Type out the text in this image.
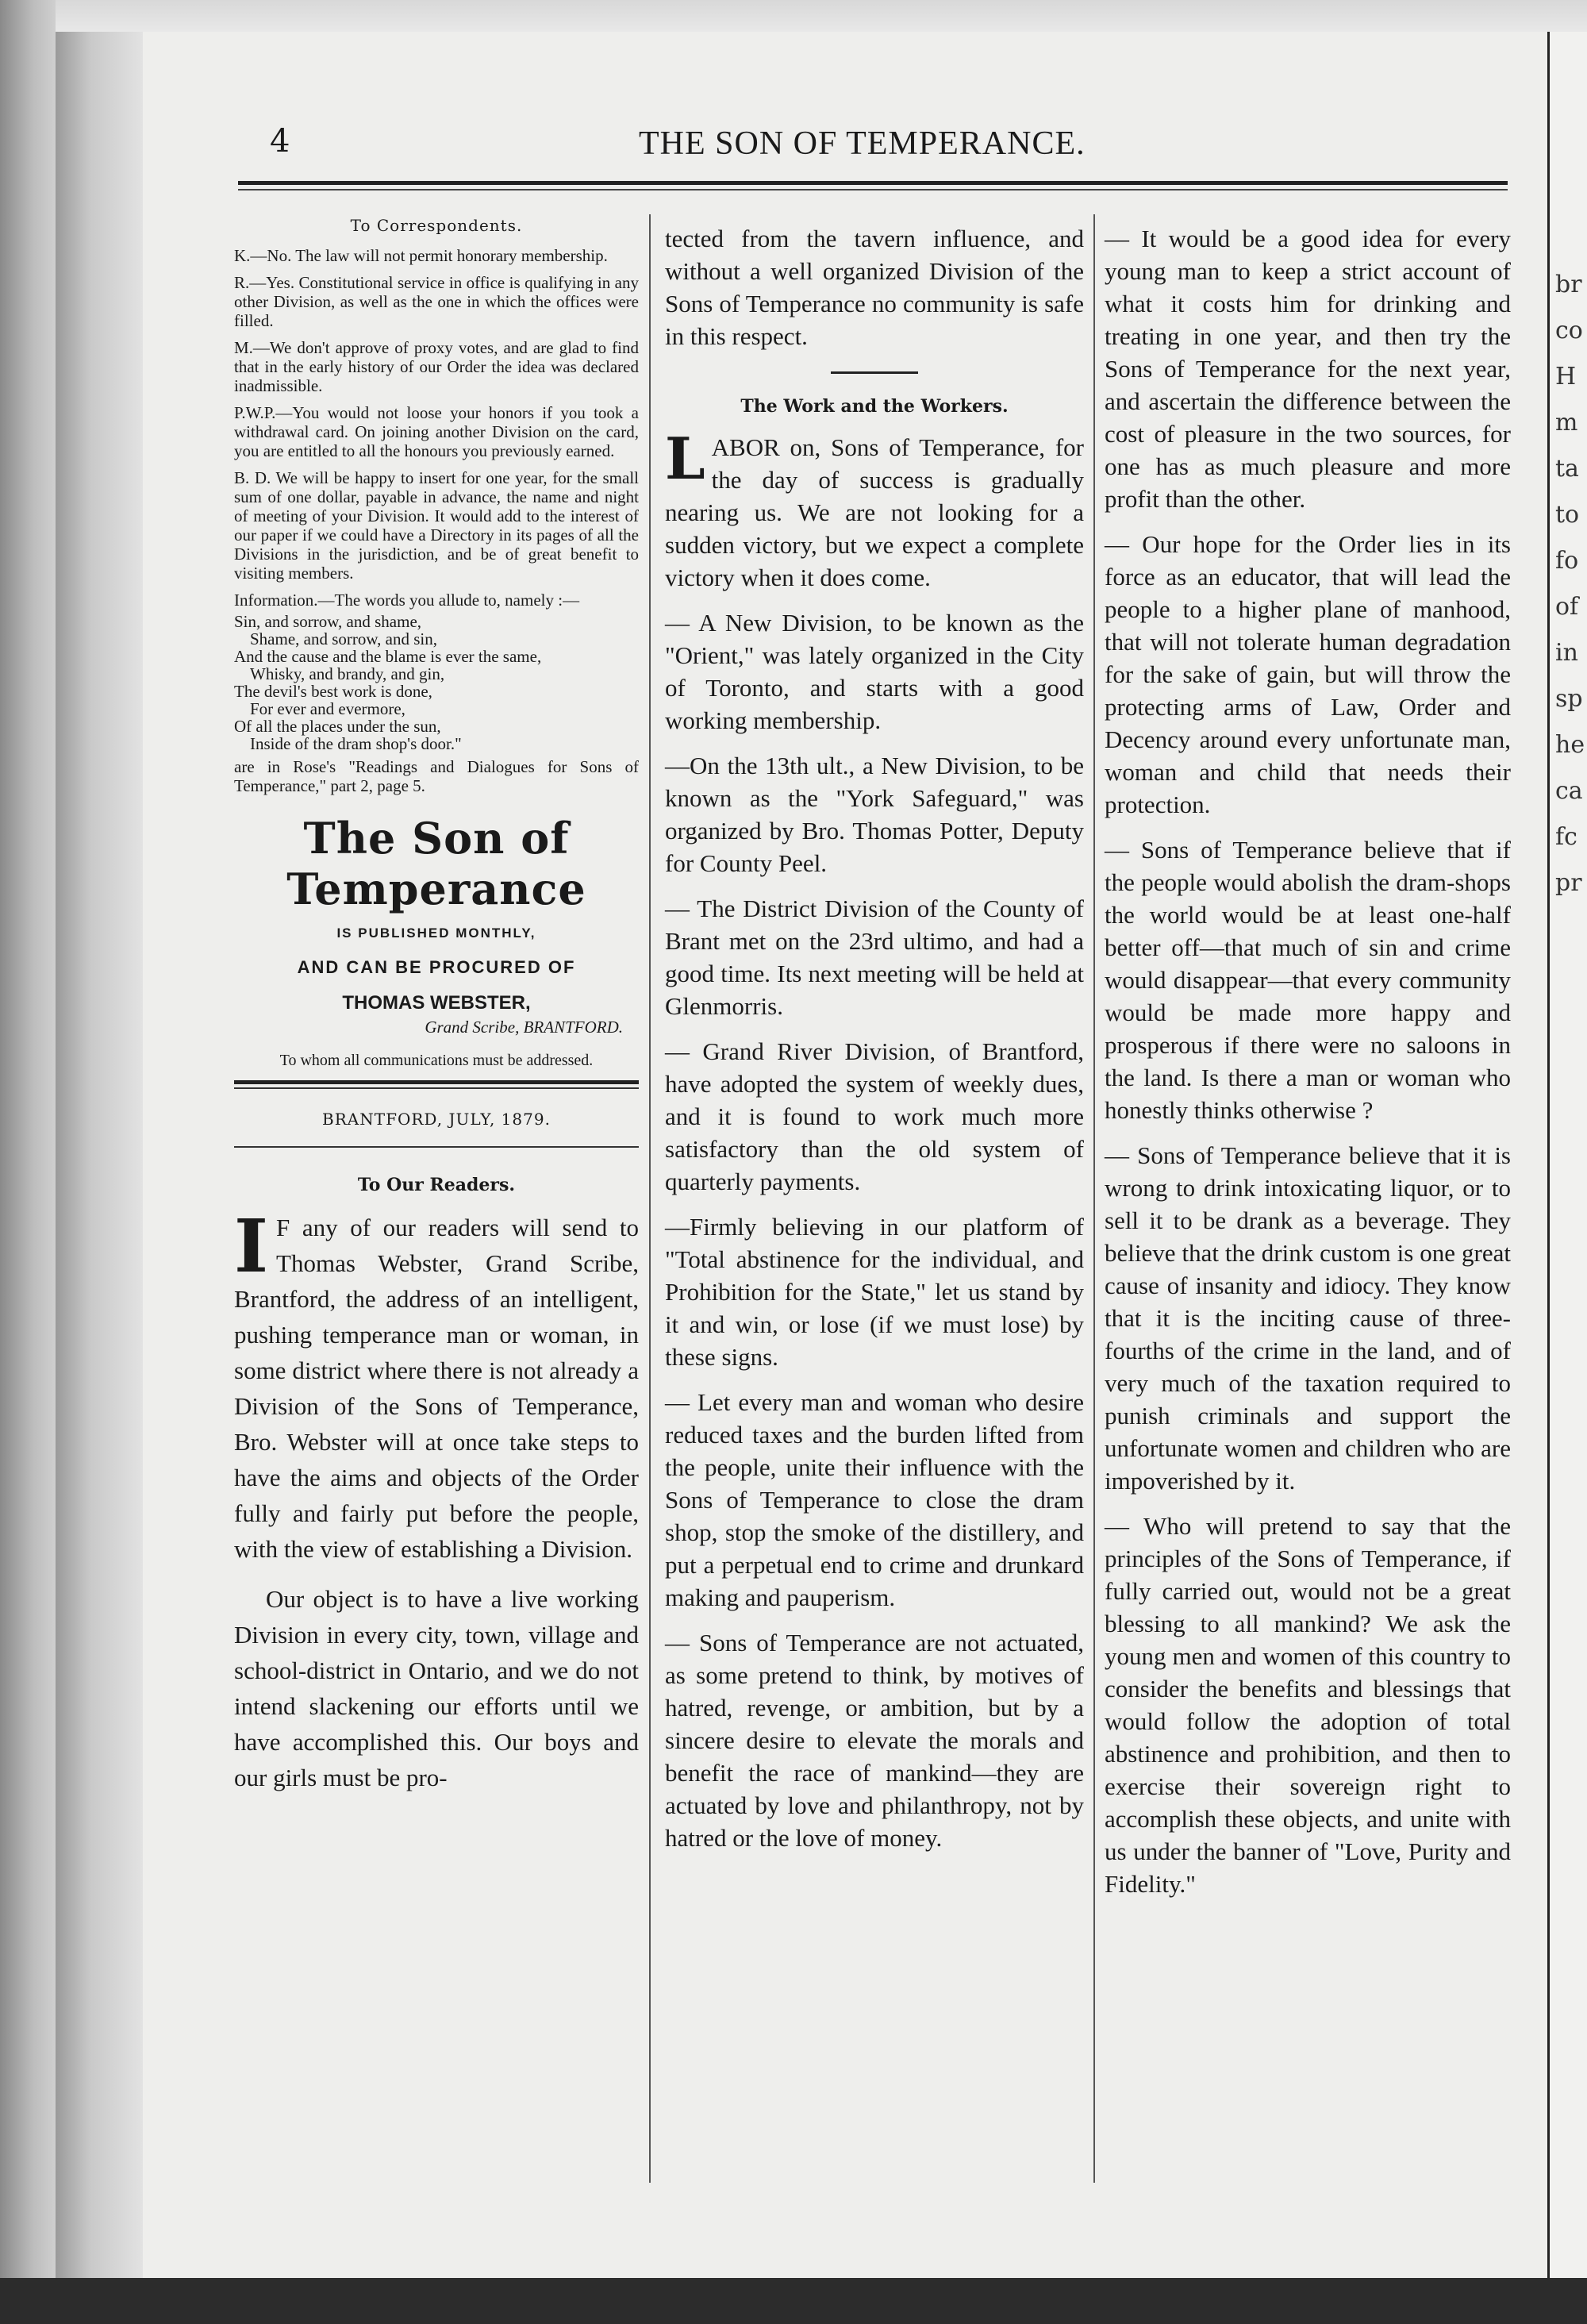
br
co
H
m
ta
to
fo
of
in
sp
he
ca
fc
pr
4	THE SON OF TEMPERANCE.
To Correspondents.

K.—No. The law will not permit honorary membership.

R.—Yes. Constitutional service in office is qualifying in any other Division, as well as the one in which the offices were filled.

M.—We don't approve of proxy votes, and are glad to find that in the early history of our Order the idea was declared inadmissible.

P.W.P.—You would not loose your honors if you took a withdrawal card. On joining another Division on the card, you are entitled to all the honours you previously earned.

B. D. We will be happy to insert for one year, for the small sum of one dollar, payable in advance, the name and night of meeting of your Division. It would add to the interest of our paper if we could have a Directory in its pages of all the Divisions in the jurisdiction, and be of great benefit to visiting members.

Information.—The words you allude to, namely :—

Sin, and sorrow, and shame,
Shame, and sorrow, and sin,
And the cause and the blame is ever the same,
Whisky, and brandy, and gin,
The devil's best work is done,
For ever and evermore,
Of all the places under the sun,
Inside of the dram shop's door."

are in Rose's "Readings and Dialogues for Sons of Temperance," part 2, page 5.

The Son of Temperance
IS PUBLISHED MONTHLY,
AND CAN BE PROCURED OF
THOMAS WEBSTER,
Grand Scribe, BRANTFORD.
To whom all communications must be addressed.
BRANTFORD, JULY, 1879.
To Our Readers.

I F any of our readers will send to Thomas Webster, Grand Scribe, Brantford, the address of an intelligent, pushing temperance man or woman, in some district where there is not already a Division of the Sons of Temperance, Bro. Webster will at once take steps to have the aims and objects of the Order fully and fairly put before the people, with the view of establishing a Division.

Our object is to have a live working Division in every city, town, village and school-district in Ontario, and we do not intend slackening our efforts until we have accomplished this. Our boys and our girls must be pro-

tected from the tavern influence, and without a well organized Division of the Sons of Temperance no community is safe in this respect.

The Work and the Workers.

LABOR on, Sons of Temperance, for the day of success is gradually nearing us. We are not looking for a sudden victory, but we expect a complete victory when it does come.

— A New Division, to be known as the "Orient," was lately organized in the City of Toronto, and starts with a good working membership.

—On the 13th ult., a New Division, to be known as the "York Safeguard," was organized by Bro. Thomas Potter, Deputy for County Peel.

— The District Division of the County of Brant met on the 23rd ultimo, and had a good time. Its next meeting will be held at Glenmorris.

— Grand River Division, of Brantford, have adopted the system of weekly dues, and it is found to work much more satisfactory than the old system of quarterly payments.

—Firmly believing in our platform of "Total abstinence for the individual, and Prohibition for the State," let us stand by it and win, or lose (if we must lose) by these signs.

— Let every man and woman who desire reduced taxes and the burden lifted from the people, unite their influence with the Sons of Temperance to close the dram shop, stop the smoke of the distillery, and put a perpetual end to crime and drunkard making and pauperism.

— Sons of Temperance are not actuated, as some pretend to think, by motives of hatred, revenge, or ambition, but by a sincere desire to elevate the morals and benefit the race of mankind—they are actuated by love and philanthropy, not by hatred or the love of money.

— It would be a good idea for every young man to keep a strict account of what it costs him for drinking and treating in one year, and then try the Sons of Temperance for the next year, and ascertain the difference between the cost of pleasure in the two sources, for one has as much pleasure and more profit than the other.

— Our hope for the Order lies in its force as an educator, that will lead the people to a higher plane of manhood, that will not tolerate human degradation for the sake of gain, but will throw the protecting arms of Law, Order and Decency around every unfortunate man, woman and child that needs their protection.

— Sons of Temperance believe that if the people would abolish the dram-shops the world would be at least one-half better off—that much of sin and crime would disappear—that every community would be made more happy and prosperous if there were no saloons in the land. Is there a man or woman who honestly thinks otherwise ?

— Sons of Temperance believe that it is wrong to drink intoxicating liquor, or to sell it to be drank as a beverage. They believe that the drink custom is one great cause of insanity and idiocy. They know that it is the inciting cause of three-fourths of the crime in the land, and of very much of the taxation required to punish criminals and support the unfortunate women and children who are impoverished by it.

— Who will pretend to say that the principles of the Sons of Temperance, if fully carried out, would not be a great blessing to all mankind? We ask the young men and women of this country to consider the benefits and blessings that would follow the adoption of total abstinence and prohibition, and then to exercise their sovereign right to accomplish these objects, and unite with us under the banner of "Love, Purity and Fidelity."
